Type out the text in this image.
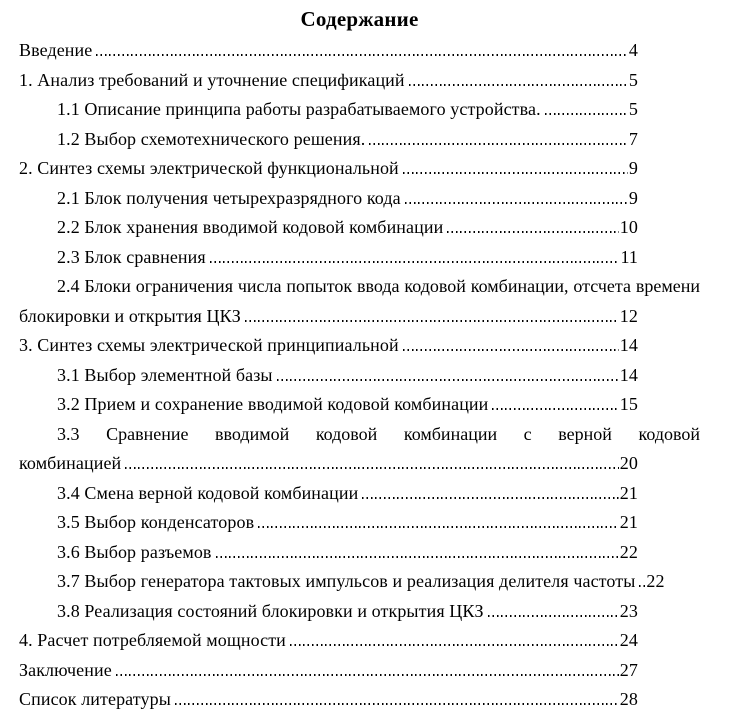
Содержание
Введение	4
1. Анализ требований и уточнение спецификаций	5
1.1 Описание принципа работы разрабатываемого устройства.	5
1.2 Выбор схемотехнического решения.	7
2. Синтез схемы электрической функциональной	9
2.1 Блок получения четырехразрядного кода	9
2.2 Блок хранения вводимой кодовой комбинации	10
2.3 Блок сравнения	11
2.4 Блоки ограничения числа попыток ввода кодовой комбинации, отсчета времени
блокировки и открытия ЦКЗ	12
3. Синтез схемы электрической принципиальной	14
3.1 Выбор элементной базы	14
3.2 Прием и сохранение вводимой кодовой комбинации	15
3.3 Сравнение вводимой кодовой комбинации с верной кодовой
комбинацией	20
3.4 Смена верной кодовой комбинации	21
3.5 Выбор конденсаторов	21
3.6 Выбор разъемов	22
3.7 Выбор генератора тактовых импульсов и реализация делителя частоты 22
3.8 Реализация состояний блокировки и открытия ЦКЗ	23
4. Расчет потребляемой мощности	24
Заключение	27
Список литературы	28
